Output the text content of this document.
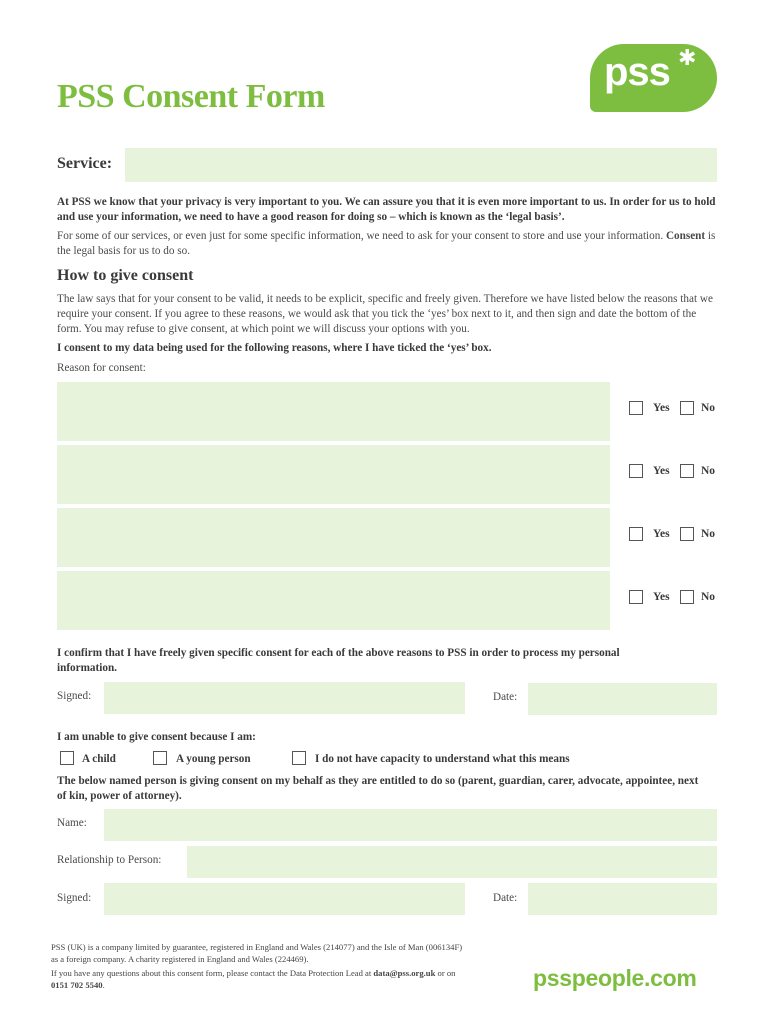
PSS Consent Form
pss ✱
Service:
At PSS we know that your privacy is very important to you. We can assure you that it is even more important to us. In order for us to hold and use your information, we need to have a good reason for doing so – which is known as the ‘legal basis’.
For some of our services, or even just for some specific information, we need to ask for your consent to store and use your information. Consent is the legal basis for us to do so.
How to give consent
The law says that for your consent to be valid, it needs to be explicit, specific and freely given. Therefore we have listed below the reasons that we require your consent. If you agree to these reasons, we would ask that you tick the ‘yes’ box next to it, and then sign and date the bottom of the form. You may refuse to give consent, at which point we will discuss your options with you.
I consent to my data being used for the following reasons, where I have ticked the ‘yes’ box.
Reason for consent:
Yes	No
Yes	No
Yes	No
Yes	No
I confirm that I have freely given specific consent for each of the above reasons to PSS in order to process my personal information.
Signed:	Date:
I am unable to give consent because I am:
A child	A young person	I do not have capacity to understand what this means
The below named person is giving consent on my behalf as they are entitled to do so (parent, guardian, carer, advocate, appointee, next of kin, power of attorney).
Name:
Relationship to Person:
Signed:	Date:
PSS (UK) is a company limited by guarantee, registered in England and Wales (214077) and the Isle of Man (006134F) as a foreign company. A charity registered in England and Wales (224469).
If you have any questions about this consent form, please contact the Data Protection Lead at data@pss.org.uk or on 0151 702 5540.	psspeople.com
